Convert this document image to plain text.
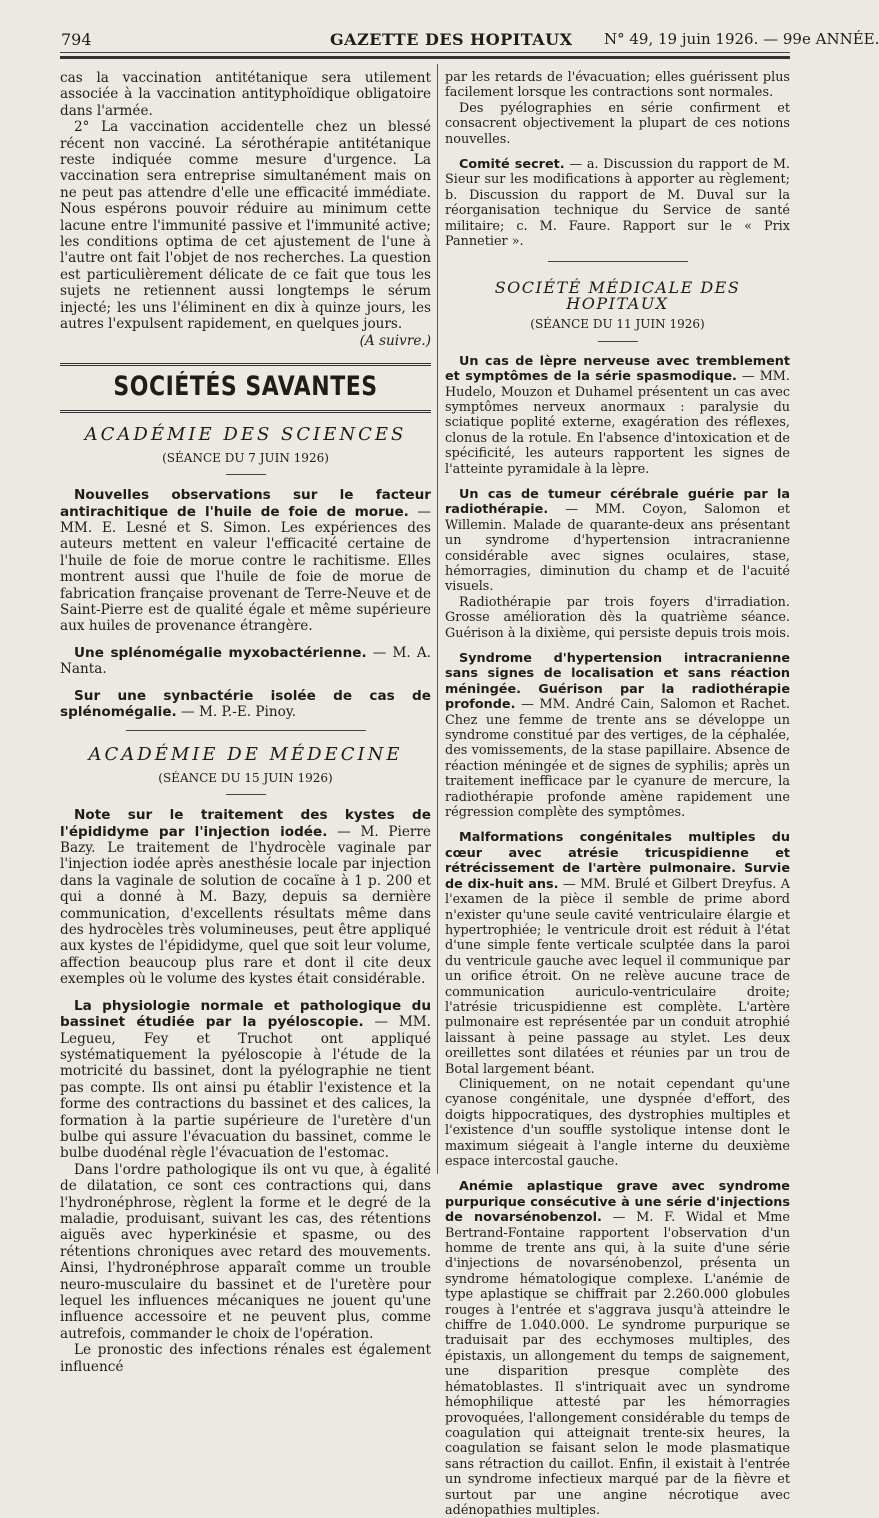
794	GAZETTE DES HOPITAUX N° 49, 19 juin 1926. — 99e ANNÉE.

cas la vaccination antitétanique sera utilement associée à la vaccination antityphoïdique obligatoire dans l'armée.

2° La vaccination accidentelle chez un blessé récent non vacciné. La sérothérapie antitétanique reste indiquée comme mesure d'urgence. La vaccination sera entreprise simultanément mais on ne peut pas attendre d'elle une efficacité immédiate. Nous espérons pouvoir réduire au minimum cette lacune entre l'immunité passive et l'immunité active; les conditions optima de cet ajustement de l'une à l'autre ont fait l'objet de nos recherches. La question est particulièrement délicate de ce fait que tous les sujets ne retiennent aussi longtemps le sérum injecté; les uns l'éliminent en dix à quinze jours, les autres l'expulsent rapidement, en quelques jours.

(A suivre.)

SOCIÉTÉS SAVANTES
ACADÉMIE DES SCIENCES
(SÉANCE DU 7 JUIN 1926)

Nouvelles observations sur le facteur antirachitique de l'huile de foie de morue. — MM. E. Lesné et S. Simon. Les expériences des auteurs mettent en valeur l'efficacité certaine de l'huile de foie de morue contre le rachitisme. Elles montrent aussi que l'huile de foie de morue de fabrication française provenant de Terre-Neuve et de Saint-Pierre est de qualité égale et même supérieure aux huiles de provenance étrangère.

Une splénomégalie myxobactérienne. — M. A. Nanta.

Sur une synbactérie isolée de cas de splénomégalie. — M. P.-E. Pinoy.

ACADÉMIE DE MÉDECINE
(SÉANCE DU 15 JUIN 1926)

Note sur le traitement des kystes de l'épididyme par l'injection iodée. — M. Pierre Bazy. Le traitement de l'hydrocèle vaginale par l'injection iodée après anesthésie locale par injection dans la vaginale de solution de cocaïne à 1 p. 200 et qui a donné à M. Bazy, depuis sa dernière communication, d'excellents résultats même dans des hydrocèles très volumineuses, peut être appliqué aux kystes de l'épididyme, quel que soit leur volume, affection beaucoup plus rare et dont il cite deux exemples où le volume des kystes était considérable.

La physiologie normale et pathologique du bassinet étudiée par la pyéloscopie. — MM. Legueu, Fey et Truchot ont appliqué systématiquement la pyéloscopie à l'étude de la motricité du bassinet, dont la pyélographie ne tient pas compte. Ils ont ainsi pu établir l'existence et la forme des contractions du bassinet et des calices, la formation à la partie supérieure de l'uretère d'un bulbe qui assure l'évacuation du bassinet, comme le bulbe duodénal règle l'évacuation de l'estomac.

Dans l'ordre pathologique ils ont vu que, à égalité de dilatation, ce sont ces contractions qui, dans l'hydronéphrose, règlent la forme et le degré de la maladie, produisant, suivant les cas, des rétentions aiguës avec hyperkinésie et spasme, ou des rétentions chroniques avec retard des mouvements. Ainsi, l'hydronéphrose apparaît comme un trouble neuro-musculaire du bassinet et de l'uretère pour lequel les influences mécaniques ne jouent qu'une influence accessoire et ne peuvent plus, comme autrefois, commander le choix de l'opération.

Le pronostic des infections rénales est également influencé

par les retards de l'évacuation; elles guérissent plus facilement lorsque les contractions sont normales.

Des pyélographies en série confirment et consacrent objectivement la plupart de ces notions nouvelles.

Comité secret. — a. Discussion du rapport de M. Sieur sur les modifications à apporter au règlement; b. Discussion du rapport de M. Duval sur la réorganisation technique du Service de santé militaire; c. M. Faure. Rapport sur le « Prix Pannetier ».

SOCIÉTÉ MÉDICALE DES HOPITAUX
(SÉANCE DU 11 JUIN 1926)

Un cas de lèpre nerveuse avec tremblement et symptômes de la série spasmodique. — MM. Hudelo, Mouzon et Duhamel présentent un cas avec symptômes nerveux anormaux : paralysie du sciatique poplité externe, exagération des réflexes, clonus de la rotule. En l'absence d'intoxication et de spécificité, les auteurs rapportent les signes de l'atteinte pyramidale à la lèpre.

Un cas de tumeur cérébrale guérie par la radiothérapie. — MM. Coyon, Salomon et Willemin. Malade de quarante-deux ans présentant un syndrome d'hypertension intracranienne considérable avec signes oculaires, stase, hémorragies, diminution du champ et de l'acuité visuels.

Radiothérapie par trois foyers d'irradiation. Grosse amélioration dès la quatrième séance. Guérison à la dixième, qui persiste depuis trois mois.

Syndrome d'hypertension intracranienne sans signes de localisation et sans réaction méningée. Guérison par la radiothérapie profonde. — MM. André Cain, Salomon et Rachet. Chez une femme de trente ans se développe un syndrome constitué par des vertiges, de la céphalée, des vomissements, de la stase papillaire. Absence de réaction méningée et de signes de syphilis; après un traitement inefficace par le cyanure de mercure, la radiothérapie profonde amène rapidement une régression complète des symptômes.

Malformations congénitales multiples du cœur avec atrésie tricuspidienne et rétrécissement de l'artère pulmonaire. Survie de dix-huit ans. — MM. Brulé et Gilbert Dreyfus. A l'examen de la pièce il semble de prime abord n'exister qu'une seule cavité ventriculaire élargie et hypertrophiée; le ventricule droit est réduit à l'état d'une simple fente verticale sculptée dans la paroi du ventricule gauche avec lequel il communique par un orifice étroit. On ne relève aucune trace de communication auriculo-ventriculaire droite; l'atrésie tricuspidienne est complète. L'artère pulmonaire est représentée par un conduit atrophié laissant à peine passage au stylet. Les deux oreillettes sont dilatées et réunies par un trou de Botal largement béant.

Cliniquement, on ne notait cependant qu'une cyanose congénitale, une dyspnée d'effort, des doigts hippocratiques, des dystrophies multiples et l'existence d'un souffle systolique intense dont le maximum siégeait à l'angle interne du deuxième espace intercostal gauche.

Anémie aplastique grave avec syndrome purpurique consécutive à une série d'injections de novarsénobenzol. — M. F. Widal et Mme Bertrand-Fontaine rapportent l'observation d'un homme de trente ans qui, à la suite d'une série d'injections de novarsénobenzol, présenta un syndrome hématologique complexe. L'anémie de type aplastique se chiffrait par 2.260.000 globules rouges à l'entrée et s'aggrava jusqu'à atteindre le chiffre de 1.040.000. Le syndrome purpurique se traduisait par des ecchymoses multiples, des épistaxis, un allongement du temps de saignement, une disparition presque complète des hématoblastes. Il s'intriquait avec un syndrome hémophilique attesté par les hémorragies provoquées, l'allongement considérable du temps de coagulation qui atteignait trente-six heures, la coagulation se faisant selon le mode plasmatique sans rétraction du caillot. Enfin, il existait à l'entrée un syndrome infectieux marqué par de la fièvre et surtout par une angine nécrotique avec adénopathies multiples.
